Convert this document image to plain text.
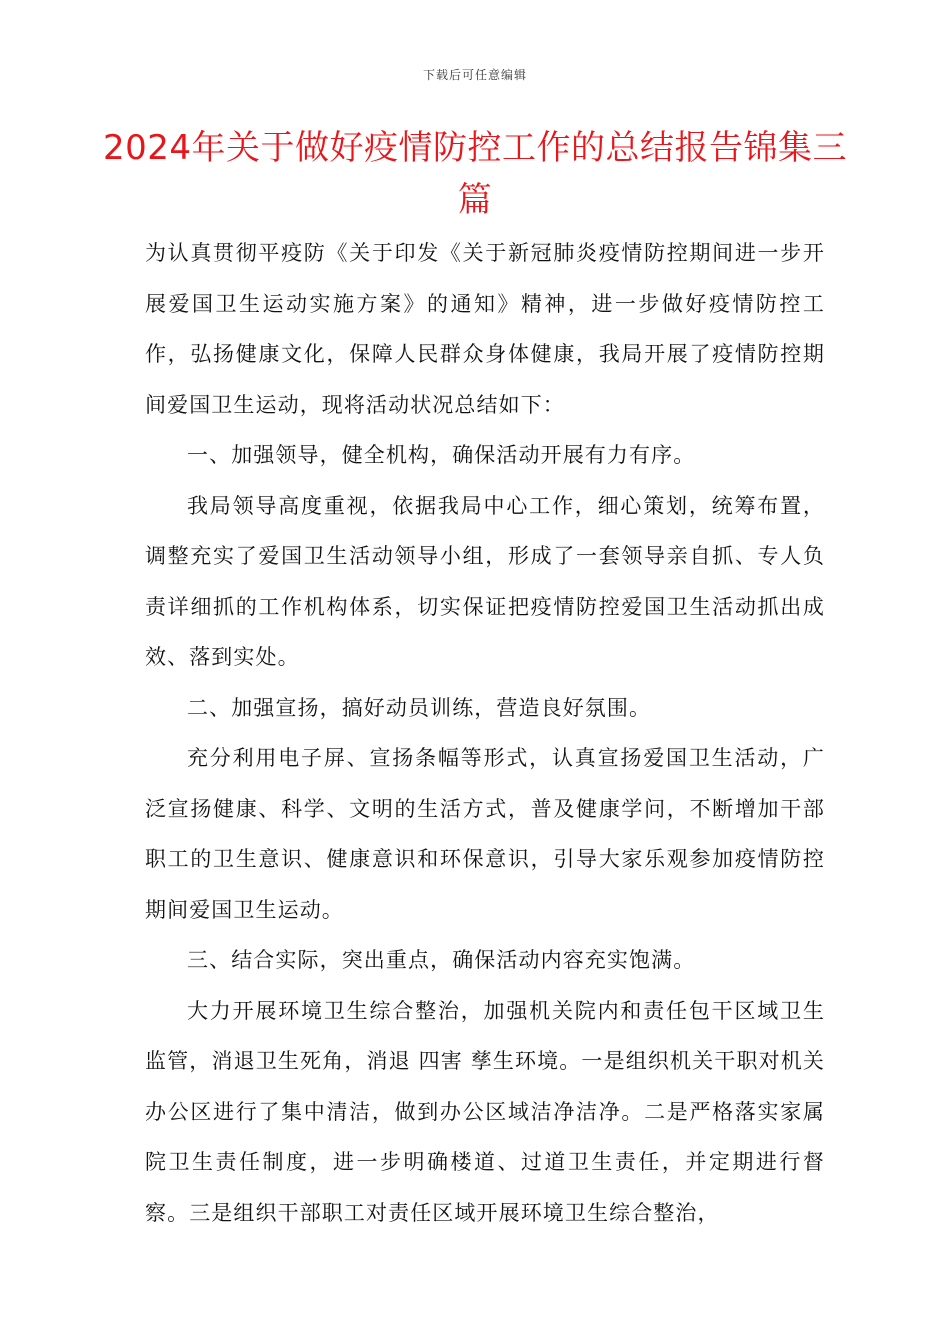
下载后可任意编辑
2024年关于做好疫情防控工作的总结报告锦集三篇

为认真贯彻平疫防《关于印发《关于新冠肺炎疫情防控期间进一步开展爱国卫生运动实施方案》的通知》精神，进一步做好疫情防控工作，弘扬健康文化，保障人民群众身体健康，我局开展了疫情防控期间爱国卫生运动，现将活动状况总结如下：

一、加强领导，健全机构，确保活动开展有力有序。

我局领导高度重视，依据我局中心工作，细心策划，统筹布置，调整充实了爱国卫生活动领导小组，形成了一套领导亲自抓、专人负责详细抓的工作机构体系，切实保证把疫情防控爱国卫生活动抓出成效、落到实处。

二、加强宣扬，搞好动员训练，营造良好氛围。

充分利用电子屏、宣扬条幅等形式，认真宣扬爱国卫生活动，广泛宣扬健康、科学、文明的生活方式，普及健康学问，不断增加干部职工的卫生意识、健康意识和环保意识，引导大家乐观参加疫情防控期间爱国卫生运动。

三、结合实际，突出重点，确保活动内容充实饱满。

大力开展环境卫生综合整治，加强机关院内和责任包干区域卫生监管，消退卫生死角，消退 四害 孳生环境。一是组织机关干职对机关办公区进行了集中清洁，做到办公区域洁净洁净。二是严格落实家属院卫生责任制度，进一步明确楼道、过道卫生责任，并定期进行督察。三是组织干部职工对责任区域开展环境卫生综合整治，
